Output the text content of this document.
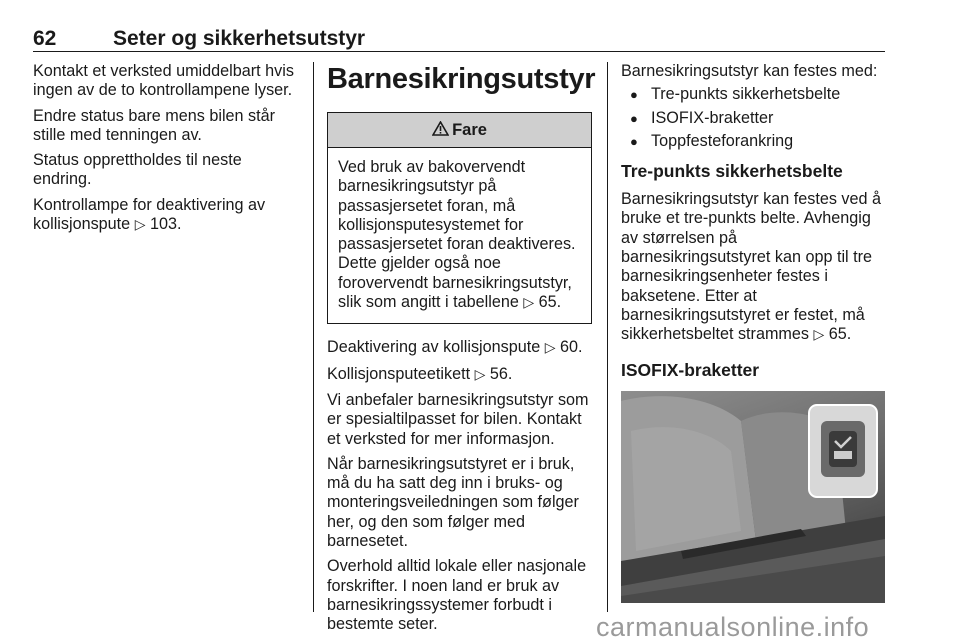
62	Seter og sikkerhetsutstyr

Kontakt et verksted umiddelbart hvis ingen av de to kontrollampene lyser.

Endre status bare mens bilen står stille med tenningen av.

Status opprettholdes til neste endring.

Kontrollampe for deaktivering av kollisjonspute ▷ 103.

Barnesikringsutstyr
Fare
Ved bruk av bakovervendt barnesikringsutstyr på passasjersetet foran, må kollisjonsputesystemet for passasjersetet foran deaktiveres. Dette gjelder også noe forovervendt barnesikringsutstyr, slik som angitt i tabellene ▷ 65.

Deaktivering av kollisjonspute ▷ 60.

Kollisjonsputeetikett ▷ 56.

Vi anbefaler barnesikringsutstyr som er spesialtilpasset for bilen. Kontakt et verksted for mer informasjon.

Når barnesikringsutstyret er i bruk, må du ha satt deg inn i bruks- og monteringsveiledningen som følger her, og den som følger med barnesetet.

Overhold alltid lokale eller nasjonale forskrifter. I noen land er bruk av barnesikringssystemer forbudt i bestemte seter.

Barnesikringsutstyr kan festes med:

● Tre-punkts sikkerhetsbelte
● ISOFIX-braketter
● Toppfesteforankring
Tre-punkts sikkerhetsbelte

Barnesikringsutstyr kan festes ved å bruke et tre-punkts belte. Avhengig av størrelsen på barnesikringsutstyret kan opp til tre barnesikringsenheter festes i baksetene. Etter at barnesikringsutstyret er festet, må sikkerhetsbeltet strammes ▷ 65.

ISOFIX-braketter
carmanualsonline.info
